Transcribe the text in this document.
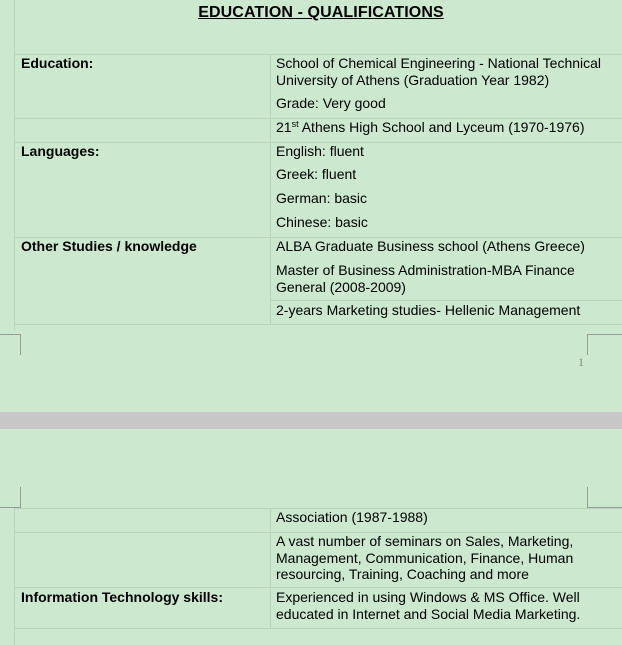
EDUCATION - QUALIFICATIONS
Education:	School of Chemical Engineering - National Technical
University of Athens (Graduation Year 1982)
Grade: Very good
21st Athens High School and Lyceum (1970-1976)
Languages:	English: fluent
Greek: fluent
German: basic
Chinese: basic
Other Studies / knowledge	ALBA Graduate Business school (Athens Greece)
Master of Business Administration-MBA Finance
General (2008-2009)
2-years Marketing studies- Hellenic Management
1
Association (1987-1988)
A vast number of seminars on Sales, Marketing,
Management, Communication, Finance, Human
resourcing, Training, Coaching and more
Information Technology skills:	Experienced in using Windows & MS Office. Well
educated in Internet and Social Media Marketing.
